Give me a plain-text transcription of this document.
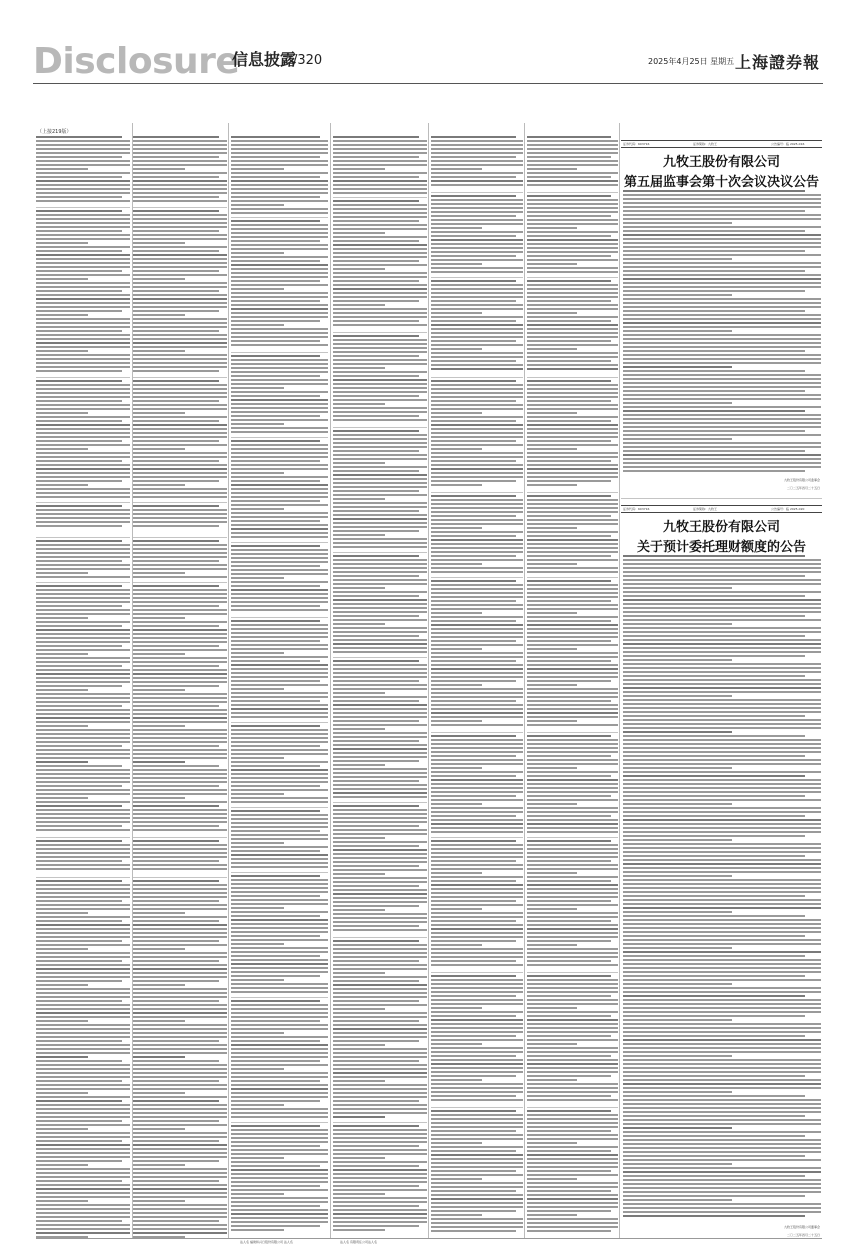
Disclosure
信息披露
/320	2025年4月25日 星期五 上海證券報
（上接219版）
证券代码：603716	证券简称：九牧王	公告编号：临 2025-016
九牧王股份有限公司
第五届监事会第十次会议决议公告
九牧王股份有限公司监事会
二〇二五年四月二十五日
证券代码：603716	证券简称：九牧王	公告编号：临 2025-020
九牧王股份有限公司
关于预计委托理财额度的公告
九牧王股份有限公司董事会
二〇二五年四月二十五日
法人名 福建和兴日股份有限公司 法人名	法人名 有限责任公司法人名
